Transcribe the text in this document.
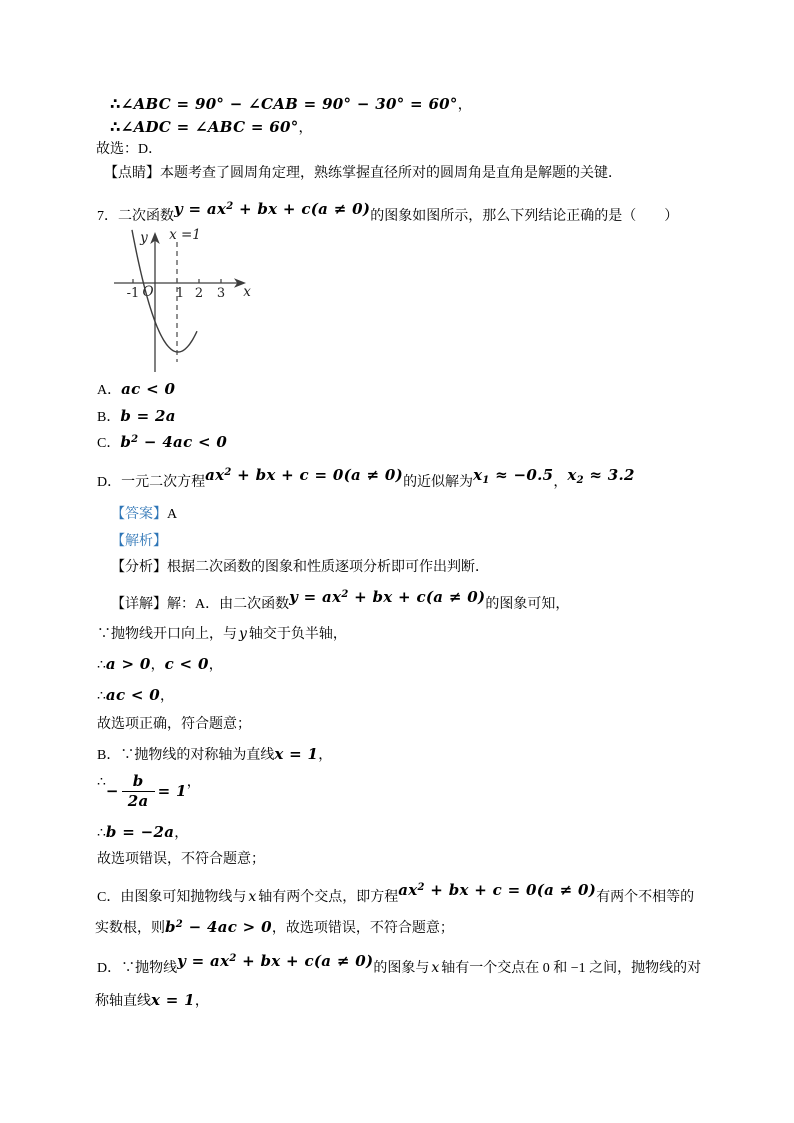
-1	1 2 3
O	x
y x =1
∴∠ABC = 90° − ∠CAB = 90° − 30° = 60°，
∴∠ADC = ∠ABC = 60°，
故选：D．
【点睛】本题考查了圆周角定理，熟练掌握直径所对的圆周角是直角是解题的关键．
7．二次函数$y = ax^2$ + bx + c(a ≠ 0)的图象如图所示，那么下列结论正确的是（　　）
A．ac < 0
B．b = 2a
C．$b^2 - 4ac < 0$
D．一元二次方程$ax^2$ + bx + c = 0(a ≠ 0)的近似解为$x_1 \approx -0.5$，$x_2 \approx 3.2$
【答案】A
【解析】
【分析】根据二次函数的图象和性质逐项分析即可作出判断．
【详解】解：A．由二次函数$y = ax^2$ + bx + c(a ≠ 0)的图象可知，
∵抛物线开口向上，与 y 轴交于负半轴，
∴a > 0，c < 0，
∴ac < 0，
故选项正确，符合题意；
B．∵抛物线的对称轴为直线x = 1，
∴− $\frac{b}{2a} = 1$ ，
∴b = −2a，
故选项错误，不符合题意；
C．由图象可知抛物线与 x 轴有两个交点，即方程$ax^2$ + bx + c = 0(a ≠ 0)有两个不相等的
实数根，则$b^2 - 4ac > 0$，故选项错误，不符合题意；
D．∵抛物线$y = ax^2$ + bx + c(a ≠ 0)的图象与 x 轴有一个交点在 0 和 −1 之间，抛物线的对
称轴直线x = 1，
